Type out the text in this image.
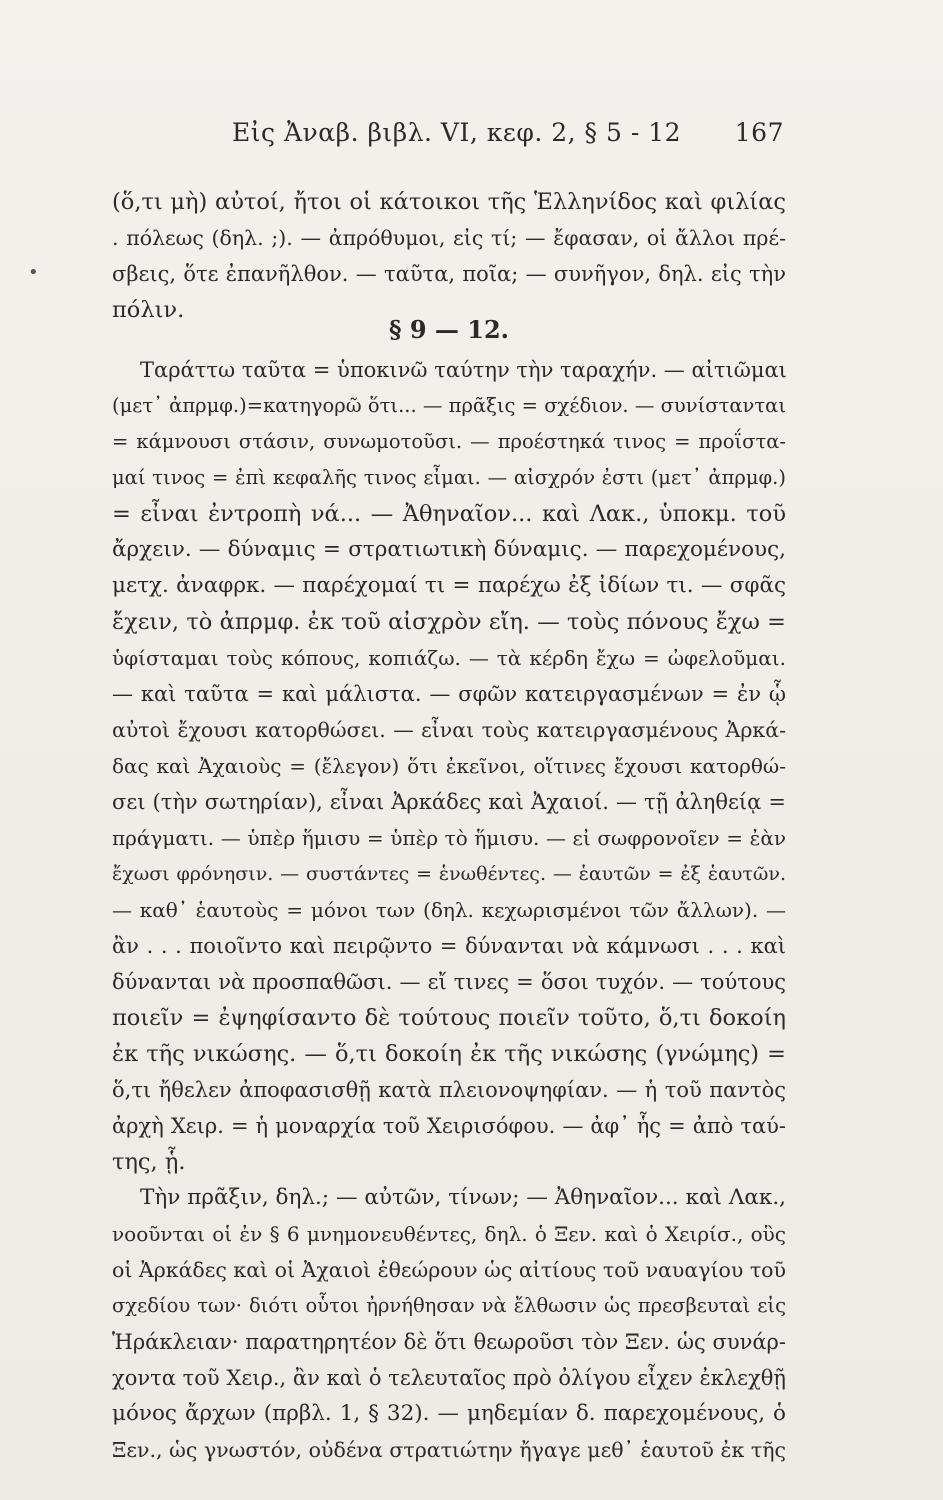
Εἰς Ἀναβ. βιβλ. VI, κεφ. 2, § 5 - 12	167
•
(ὅ,τι μὴ) αὐτοί, ἤτοι οἱ κάτοικοι τῆς Ἑλληνίδος καὶ φιλίας
. πόλεως (δηλ. ;). — ἀπρόθυμοι, εἰς τί; — ἔφασαν, οἱ ἄλλοι πρέ-
σβεις, ὅτε ἐπανῆλθον. — ταῦτα, ποῖα; — συνῆγον, δηλ. εἰς τὴν
πόλιν.
§ 9 — 12.
Ταράττω ταῦτα = ὑποκινῶ ταύτην τὴν ταραχήν. — αἰτιῶμαι
(μετ᾿ ἀπρμφ.)=κατηγορῶ ὅτι... — πρᾶξις = σχέδιον. — συνίστανται
= κάμνουσι στάσιν, συνωμοτοῦσι. — προέστηκά τινος = προΐστα-
μαί τινος = ἐπὶ κεφαλῆς τινος εἶμαι. — αἰσχρόν ἐστι (μετ᾿ ἀπρμφ.)
= εἶναι ἐντροπὴ νά... — Ἀθηναῖον... καὶ Λακ., ὑποκμ. τοῦ
ἄρχειν. — δύναμις = στρατιωτικὴ δύναμις. — παρεχομένους,
μετχ. ἀναφρκ. — παρέχομαί τι = παρέχω ἐξ ἰδίων τι. — σφᾶς
ἔχειν, τὸ ἀπρμφ. ἐκ τοῦ αἰσχρὸν εἴη. — τοὺς πόνους ἔχω =
ὑφίσταμαι τοὺς κόπους, κοπιάζω. — τὰ κέρδη ἔχω = ὠφελοῦμαι.
— καὶ ταῦτα = καὶ μάλιστα. — σφῶν κατειργασμένων = ἐν ᾧ
αὐτοὶ ἔχουσι κατορθώσει. — εἶναι τοὺς κατειργασμένους Ἀρκά-
δας καὶ Ἀχαιοὺς = (ἔλεγον) ὅτι ἐκεῖνοι, οἵτινες ἔχουσι κατορθώ-
σει (τὴν σωτηρίαν), εἶναι Ἀρκάδες καὶ Ἀχαιοί. — τῇ ἀληθείᾳ =
πράγματι. — ὑπὲρ ἥμισυ = ὑπὲρ τὸ ἥμισυ. — εἰ σωφρονοῖεν = ἐὰν
ἔχωσι φρόνησιν. — συστάντες = ἑνωθέντες. — ἑαυτῶν = ἐξ ἑαυτῶν.
— καθ᾿ ἑαυτοὺς = μόνοι των (δηλ. κεχωρισμένοι τῶν ἄλλων). —
ἂν . . . ποιοῖντο καὶ πειρῷντο = δύνανται νὰ κάμνωσι . . . καὶ
δύνανται νὰ προσπαθῶσι. — εἴ τινες = ὅσοι τυχόν. — τούτους
ποιεῖν = ἐψηφίσαντο δὲ τούτους ποιεῖν τοῦτο, ὅ,τι δοκοίη
ἐκ τῆς νικώσης. — ὅ,τι δοκοίη ἐκ τῆς νικώσης (γνώμης) =
ὅ,τι ἤθελεν ἀποφασισθῇ κατὰ πλειονοψηφίαν. — ἡ τοῦ παντὸς
ἀρχὴ Χειρ. = ἡ μοναρχία τοῦ Χειρισόφου. — ἀφ᾿ ἧς = ἀπὸ ταύ-
της, ᾗ.
Τὴν πρᾶξιν, δηλ.; — αὐτῶν, τίνων; — Ἀθηναῖον... καὶ Λακ.,
νοοῦνται οἱ ἐν § 6 μνημονευθέντες, δηλ. ὁ Ξεν. καὶ ὁ Χειρίσ., οὓς
οἱ Ἀρκάδες καὶ οἱ Ἀχαιοὶ ἐθεώρουν ὡς αἰτίους τοῦ ναυαγίου τοῦ
σχεδίου των· διότι οὗτοι ἠρνήθησαν νὰ ἔλθωσιν ὡς πρεσβευταὶ εἰς
Ἡράκλειαν· παρατηρητέον δὲ ὅτι θεωροῦσι τὸν Ξεν. ὡς συνάρ-
χοντα τοῦ Χειρ., ἂν καὶ ὁ τελευταῖος πρὸ ὀλίγου εἶχεν ἐκλεχθῇ
μόνος ἄρχων (πρβλ. 1, § 32). — μηδεμίαν δ. παρεχομένους, ὁ
Ξεν., ὡς γνωστόν, οὐδένα στρατιώτην ἤγαγε μεθ᾿ ἑαυτοῦ ἐκ τῆς
